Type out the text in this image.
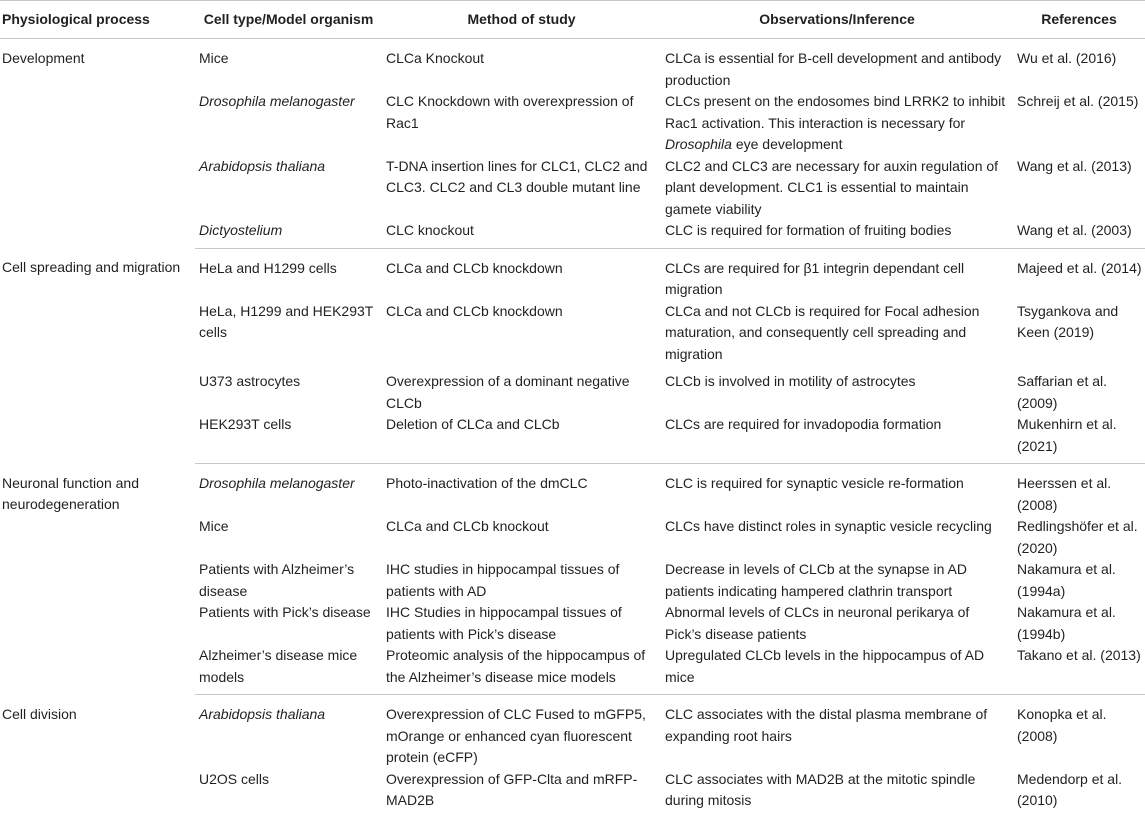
Physiological process	Cell type/Model organism	Method of study	Observations/Inference	References
Development	Mice	CLCa Knockout	CLCa is essential for B-cell development and antibody production	Wu et al. (2016)
	Drosophila melanogaster	CLC Knockdown with overexpression of Rac1	CLCs present on the endosomes bind LRRK2 to inhibit Rac1 activation. This interaction is necessary for Drosophila eye development	Schreij et al. (2015)
	Arabidopsis thaliana	T-DNA insertion lines for CLC1, CLC2 and CLC3. CLC2 and CL3 double mutant line	CLC2 and CLC3 are necessary for auxin regulation of plant development. CLC1 is essential to maintain gamete viability	Wang et al. (2013)
	Dictyostelium	CLC knockout	CLC is required for formation of fruiting bodies	Wang et al. (2003)
Cell spreading and migration	HeLa and H1299 cells	CLCa and CLCb knockdown	CLCs are required for β1 integrin dependant cell migration	Majeed et al. (2014)
	HeLa, H1299 and HEK293T cells	CLCa and CLCb knockdown	CLCa and not CLCb is required for Focal adhesion maturation, and consequently cell spreading and migration	Tsygankova and Keen (2019)
	U373 astrocytes	Overexpression of a dominant negative CLCb	CLCb is involved in motility of astrocytes	Saffarian et al. (2009)
	HEK293T cells	Deletion of CLCa and CLCb	CLCs are required for invadopodia formation	Mukenhirn et al. (2021)
Neuronal function and neurodegeneration	Drosophila melanogaster	Photo-inactivation of the dmCLC	CLC is required for synaptic vesicle re-formation	Heerssen et al. (2008)
	Mice	CLCa and CLCb knockout	CLCs have distinct roles in synaptic vesicle recycling	Redlingshöfer et al. (2020)
	Patients with Alzheimer’s disease	IHC studies in hippocampal tissues of patients with AD	Decrease in levels of CLCb at the synapse in AD patients indicating hampered clathrin transport	Nakamura et al. (1994a)
	Patients with Pick’s disease	IHC Studies in hippocampal tissues of patients with Pick’s disease	Abnormal levels of CLCs in neuronal perikarya of Pick’s disease patients	Nakamura et al. (1994b)
	Alzheimer’s disease mice models	Proteomic analysis of the hippocampus of the Alzheimer’s disease mice models	Upregulated CLCb levels in the hippocampus of AD mice	Takano et al. (2013)
Cell division	Arabidopsis thaliana	Overexpression of CLC Fused to mGFP5, mOrange or enhanced cyan fluorescent protein (eCFP)	CLC associates with the distal plasma membrane of expanding root hairs	Konopka et al. (2008)
	U2OS cells	Overexpression of GFP-Clta and mRFP-MAD2B	CLC associates with MAD2B at the mitotic spindle during mitosis	Medendorp et al. (2010)
